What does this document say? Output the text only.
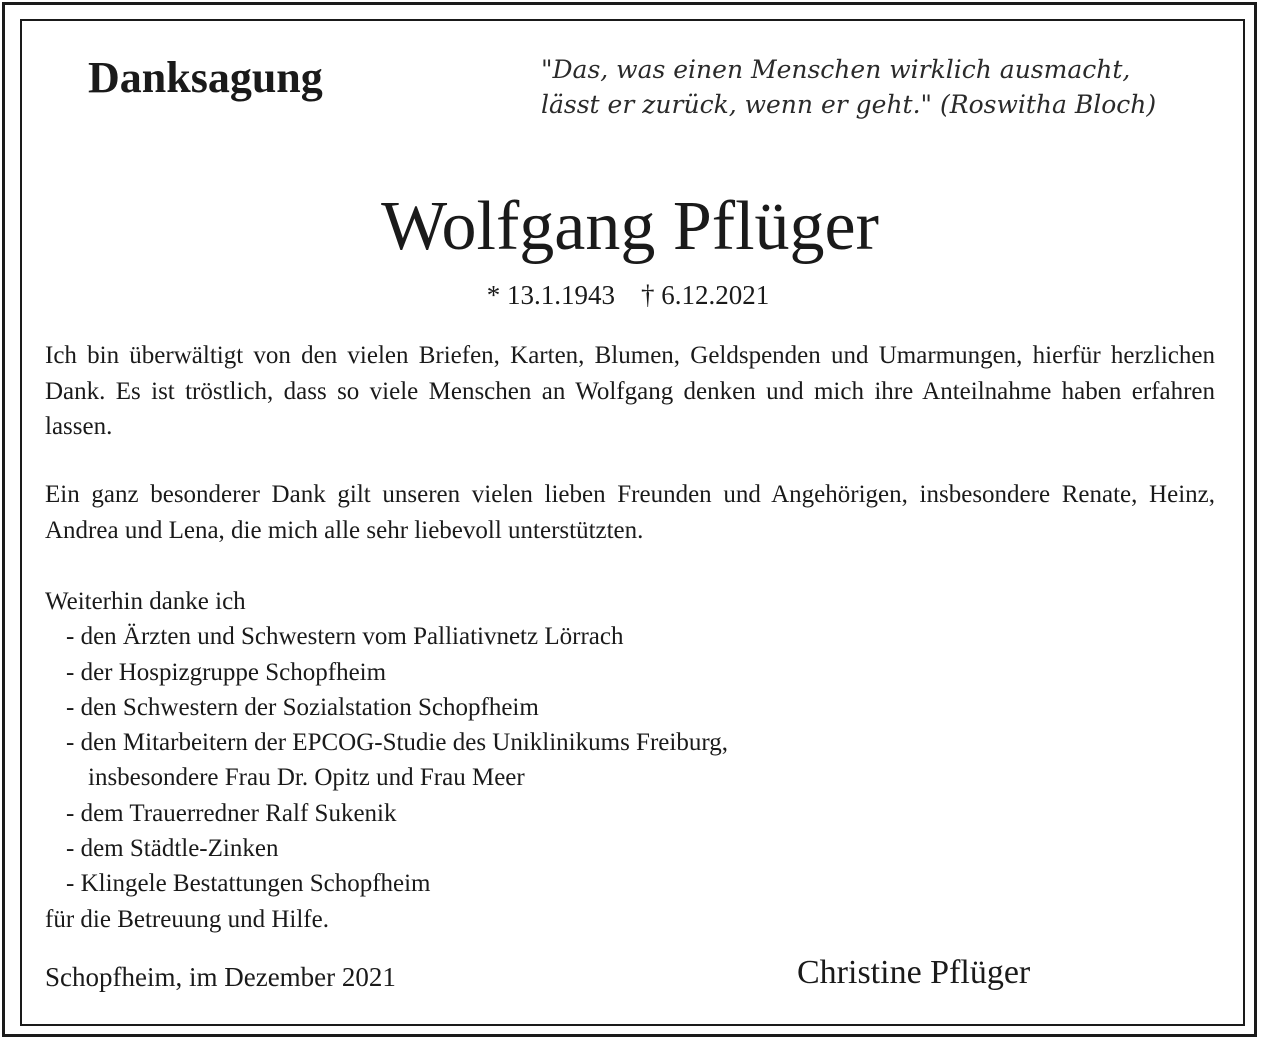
Danksagung	"Das, was einen Menschen wirklich ausmacht,
lässt er zurück, wenn er geht." (Roswitha Bloch)
Wolfgang Pflüger
* 13.1.1943 † 6.12.2021
Ich bin überwältigt von den vielen Briefen, Karten, Blumen, Geldspenden und Umarmungen, hierfür herzlichen Dank. Es ist tröstlich, dass so viele Menschen an Wolfgang denken und mich ihre Anteilnahme haben erfahren lassen.
Ein ganz besonderer Dank gilt unseren vielen lieben Freunden und Angehörigen, insbesondere Renate, Heinz, Andrea und Lena, die mich alle sehr liebevoll unterstützten.
Weiterhin danke ich
- den Ärzten und Schwestern vom Palliativnetz Lörrach
- der Hospizgruppe Schopfheim
- den Schwestern der Sozialstation Schopfheim
- den Mitarbeitern der EPCOG-Studie des Uniklinikums Freiburg,
insbesondere Frau Dr. Opitz und Frau Meer
- dem Trauerredner Ralf Sukenik
- dem Städtle-Zinken
- Klingele Bestattungen Schopfheim
für die Betreuung und Hilfe.
Schopfheim, im Dezember 2021	Christine Pflüger
